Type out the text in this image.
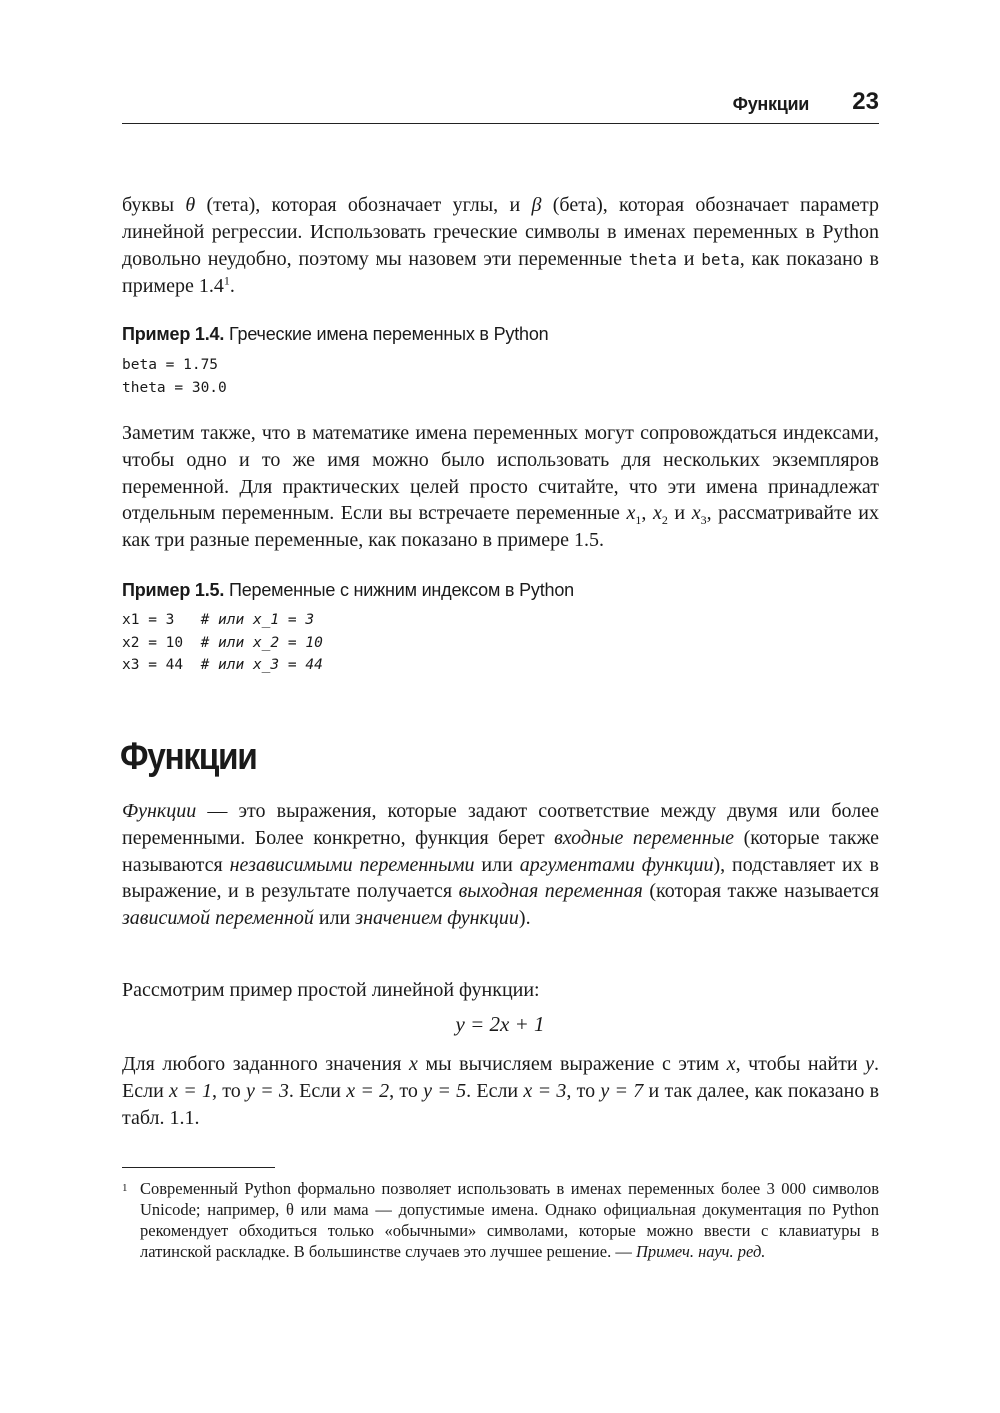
Функции 23
буквы θ (тета), которая обозначает углы, и β (бета), которая обозначает параметр линейной регрессии. Использовать греческие символы в именах переменных в Python довольно неудобно, поэтому мы назовем эти переменные theta и beta, как показано в примере $1.4^1$.
Пример 1.4. Греческие имена переменных в Python
beta = 1.75
theta = 30.0
Заметим также, что в математике имена переменных могут сопровождаться индексами, чтобы одно и то же имя можно было использовать для нескольких экземпляров переменной. Для практических целей просто считайте, что эти имена принадлежат отдельным переменным. Если вы встречаете переменные $x_1$, $x_2$ и $x_3$, рассматривайте их как три разные переменные, как показано в примере 1.5.
Пример 1.5. Переменные с нижним индексом в Python
x1 = 3   # или x_1 = 3
x2 = 10  # или x_2 = 10
x3 = 44  # или x_3 = 44
Функции
Функции — это выражения, которые задают соответствие между двумя или более переменными. Более конкретно, функция берет входные переменные (которые также называются независимыми переменными или аргументами функции), подставляет их в выражение, и в результате получается выходная переменная (которая также называется зависимой переменной или значением функции).
Рассмотрим пример простой линейной функции:
y = 2x + 1
Для любого заданного значения x мы вычисляем выражение с этим x, чтобы найти y. Если x = 1, то y = 3. Если x = 2, то y = 5. Если x = 3, то y = 7 и так далее, как показано в табл. 1.1.
1 Современный Python формально позволяет использовать в именах переменных более 3 000 символов Unicode; например, θ или мама — допустимые имена. Однако официальная документация по Python рекомендует обходиться только «обычными» символами, которые можно ввести с клавиатуры в латинской раскладке. В большинстве случаев это лучшее решение. — Примеч. науч. ред.
